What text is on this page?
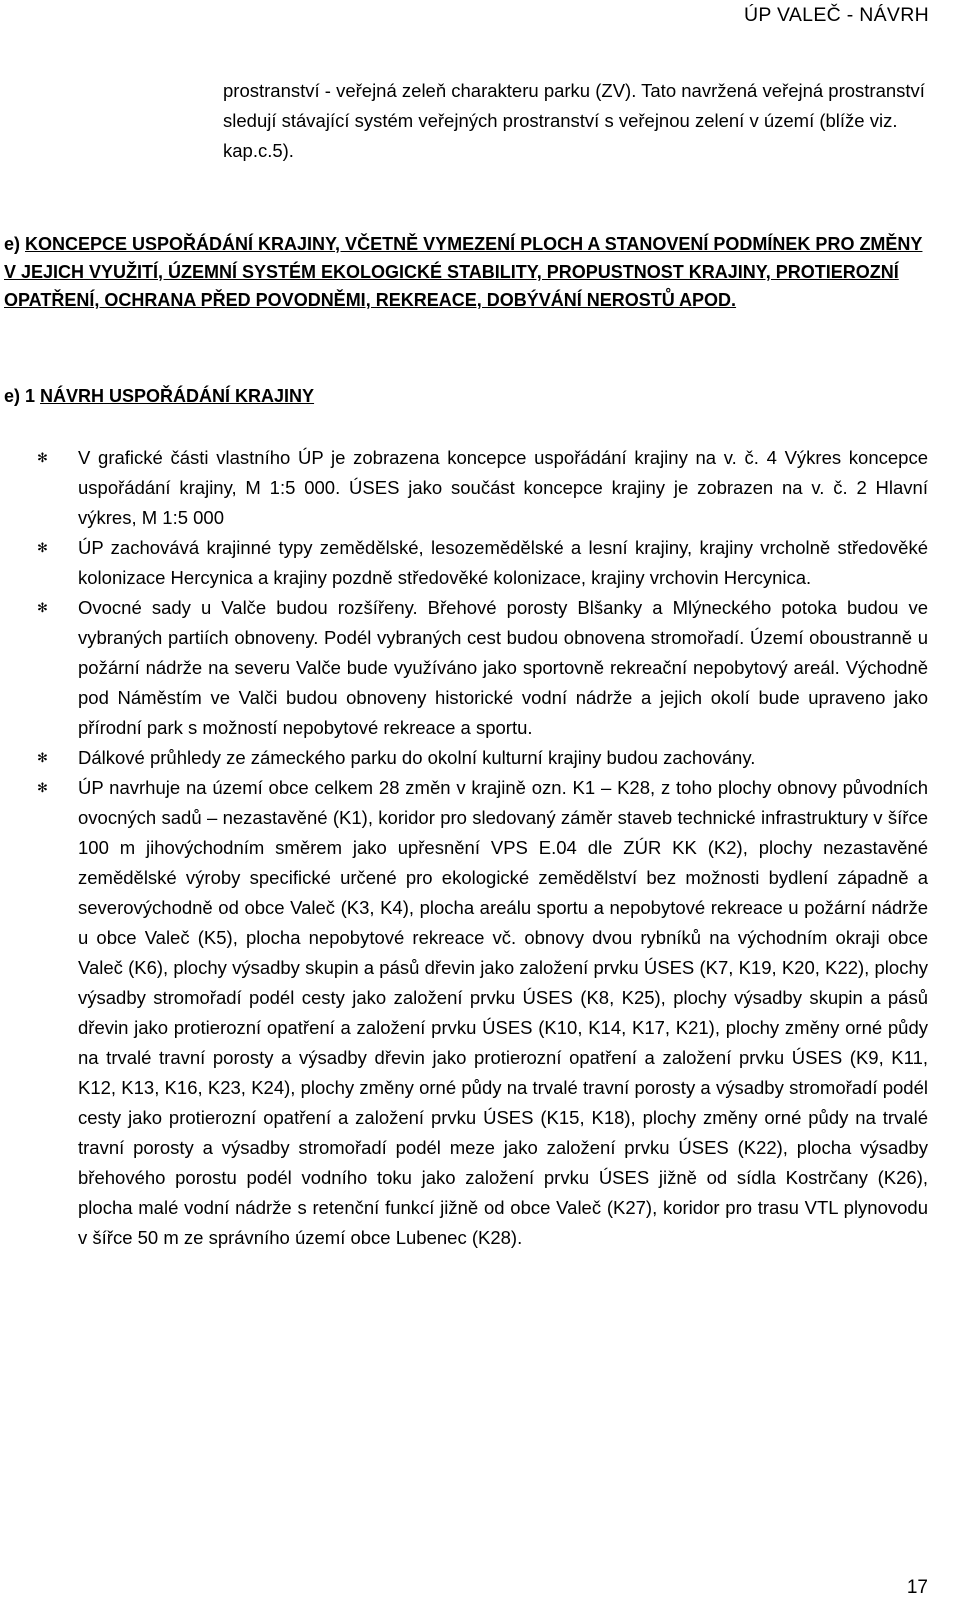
ÚP VALEČ - NÁVRH

prostranství - veřejná zeleň charakteru parku (ZV). Tato navržená veřejná prostranství sledují stávající systém veřejných prostranství s veřejnou zelení v území (blíže viz. kap.c.5).

e) KONCEPCE USPOŘÁDÁNÍ KRAJINY, VČETNĚ VYMEZENÍ PLOCH A STANOVENÍ PODMÍNEK PRO ZMĚNY V JEJICH VYUŽITÍ, ÚZEMNÍ SYSTÉM EKOLOGICKÉ STABILITY, PROPUSTNOST KRAJINY, PROTIEROZNÍ OPATŘENÍ, OCHRANA PŘED POVODNĚMI, REKREACE, DOBÝVÁNÍ NEROSTŮ APOD.
e) 1 NÁVRH USPOŘÁDÁNÍ KRAJINY
✻ V grafické části vlastního ÚP je zobrazena koncepce uspořádání krajiny na v. č. 4 Výkres koncepce uspořádání krajiny, M 1:5 000. ÚSES jako součást koncepce krajiny je zobrazen na v. č. 2 Hlavní výkres, M 1:5 000
✻ ÚP zachovává krajinné typy zemědělské, lesozemědělské a lesní krajiny, krajiny vrcholně středověké kolonizace Hercynica a krajiny pozdně středověké kolonizace, krajiny vrchovin Hercynica.
✻ Ovocné sady u Valče budou rozšířeny. Břehové porosty Blšanky a Mlýneckého potoka budou ve vybraných partiích obnoveny. Podél vybraných cest budou obnovena stromořadí. Území oboustranně u požární nádrže na severu Valče bude využíváno jako sportovně rekreační nepobytový areál. Východně pod Náměstím ve Valči budou obnoveny historické vodní nádrže a jejich okolí bude upraveno jako přírodní park s možností nepobytové rekreace a sportu.
✻ Dálkové průhledy ze zámeckého parku do okolní kulturní krajiny budou zachovány.
✻ ÚP navrhuje na území obce celkem 28 změn v krajině ozn. K1 – K28, z toho plochy obnovy původních ovocných sadů – nezastavěné (K1), koridor pro sledovaný záměr staveb technické infrastruktury v šířce 100 m jihovýchodním směrem jako upřesnění VPS E.04 dle ZÚR KK (K2), plochy nezastavěné zemědělské výroby specifické určené pro ekologické zemědělství bez možnosti bydlení západně a severovýchodně od obce Valeč (K3, K4), plocha areálu sportu a nepobytové rekreace u požární nádrže u obce Valeč (K5), plocha nepobytové rekreace vč. obnovy dvou rybníků na východním okraji obce Valeč (K6), plochy výsadby skupin a pásů dřevin jako založení prvku ÚSES (K7, K19, K20, K22), plochy výsadby stromořadí podél cesty jako založení prvku ÚSES (K8, K25), plochy výsadby skupin a pásů dřevin jako protierozní opatření a založení prvku ÚSES (K10, K14, K17, K21), plochy změny orné půdy na trvalé travní porosty a výsadby dřevin jako protierozní opatření a založení prvku ÚSES (K9, K11, K12, K13, K16, K23, K24), plochy změny orné půdy na trvalé travní porosty a výsadby stromořadí podél cesty jako protierozní opatření a založení prvku ÚSES (K15, K18), plochy změny orné půdy na trvalé travní porosty a výsadby stromořadí podél meze jako založení prvku ÚSES (K22), plocha výsadby břehového porostu podél vodního toku jako založení prvku ÚSES jižně od sídla Kostrčany (K26), plocha malé vodní nádrže s retenční funkcí jižně od obce Valeč (K27), koridor pro trasu VTL plynovodu v šířce 50 m ze správního území obce Lubenec (K28).
17
